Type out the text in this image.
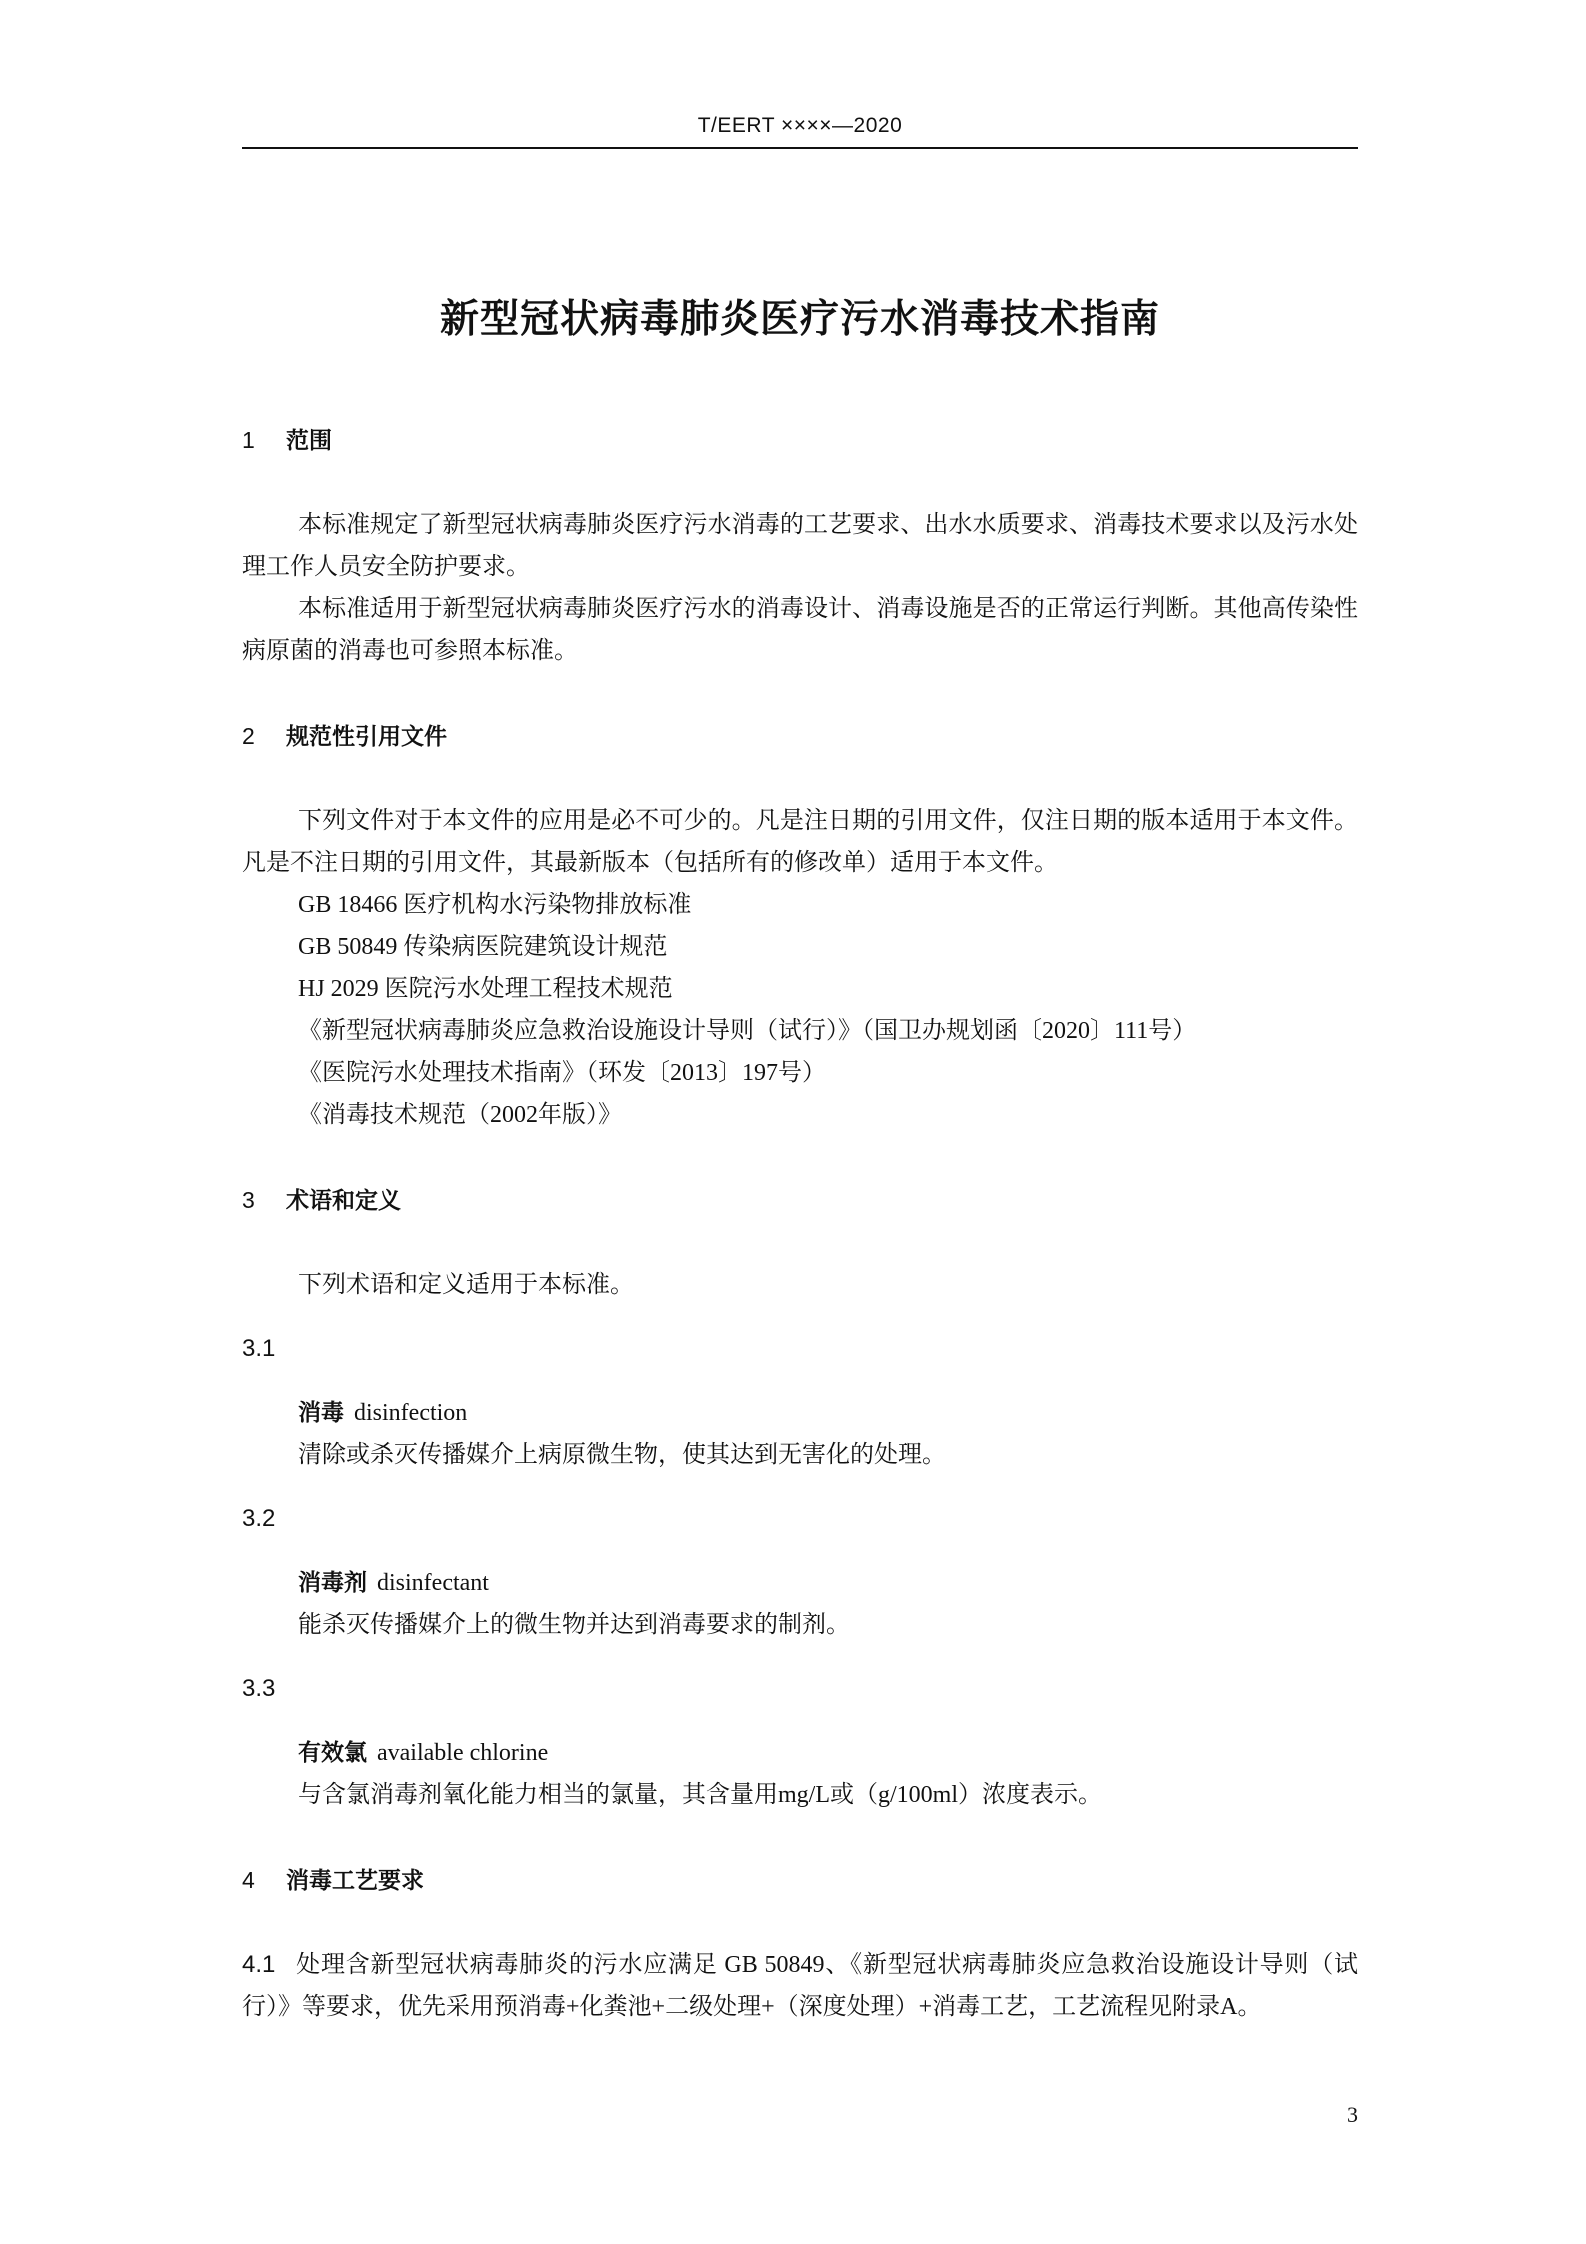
T/EERT ××××—2020
新型冠状病毒肺炎医疗污水消毒技术指南
1 范围
本标准规定了新型冠状病毒肺炎医疗污水消毒的工艺要求、出水水质要求、消毒技术要求以及污水处理工作人员安全防护要求。
本标准适用于新型冠状病毒肺炎医疗污水的消毒设计、消毒设施是否的正常运行判断。其他高传染性病原菌的消毒也可参照本标准。
2 规范性引用文件
下列文件对于本文件的应用是必不可少的。凡是注日期的引用文件，仅注日期的版本适用于本文件。凡是不注日期的引用文件，其最新版本（包括所有的修改单）适用于本文件。
GB 18466 医疗机构水污染物排放标准
GB 50849 传染病医院建筑设计规范
HJ 2029 医院污水处理工程技术规范
《新型冠状病毒肺炎应急救治设施设计导则（试行）》（国卫办规划函〔2020〕111号）
《医院污水处理技术指南》（环发〔2013〕197号）
《消毒技术规范（2002年版）》
3 术语和定义
下列术语和定义适用于本标准。
3.1
消毒 disinfection
清除或杀灭传播媒介上病原微生物，使其达到无害化的处理。
3.2
消毒剂 disinfectant
能杀灭传播媒介上的微生物并达到消毒要求的制剂。
3.3
有效氯 available chlorine
与含氯消毒剂氧化能力相当的氯量，其含量用mg/L或（g/100ml）浓度表示。
4 消毒工艺要求
4.1 处理含新型冠状病毒肺炎的污水应满足 GB 50849、《新型冠状病毒肺炎应急救治设施设计导则（试行）》等要求，优先采用预消毒+化粪池+二级处理+（深度处理）+消毒工艺，工艺流程见附录A。
3
